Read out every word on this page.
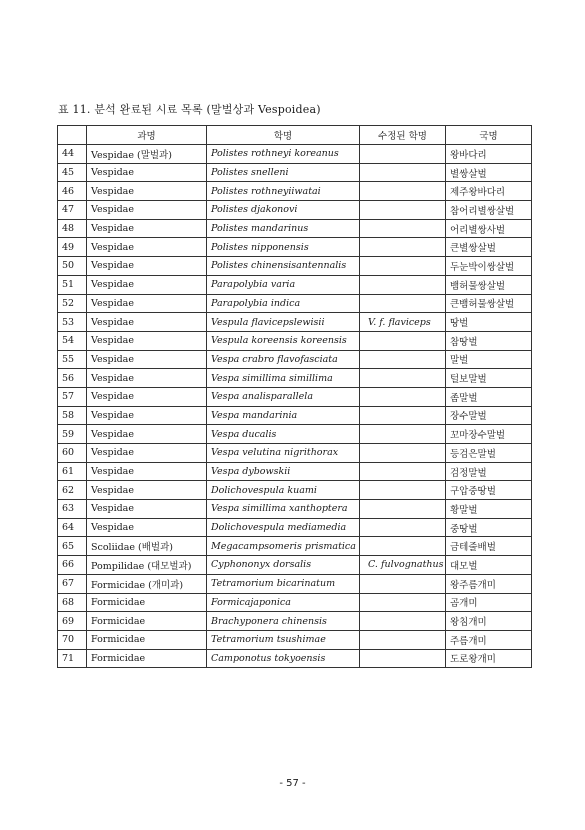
표 11. 분석 완료된 시료 목록 (말벌상과 Vespoidea)
	과명	학명	수정된 학명	국명
44	Vespidae (말벌과)	Polistes rothneyi koreanus		왕바다리
45	Vespidae	Polistes snelleni		별쌍살벌
46	Vespidae	Polistes rothneyiiwatai		제주왕바다리
47	Vespidae	Polistes djakonovi		참어리별쌍살벌
48	Vespidae	Polistes mandarinus		어리별쌍사벌
49	Vespidae	Polistes nipponensis		큰별쌍살벌
50	Vespidae	Polistes chinensisantennalis		두눈박이쌍살벌
51	Vespidae	Parapolybia varia		뱀허물쌍살벌
52	Vespidae	Parapolybia indica		큰뱀허물쌍살벌
53	Vespidae	Vespula flavicepslewisii	V. f. flaviceps	땅벌
54	Vespidae	Vespula koreensis koreensis		참땅벌
55	Vespidae	Vespa crabro flavofasciata		말벌
56	Vespidae	Vespa simillima simillima		털보말벌
57	Vespidae	Vespa analisparallela		좀말벌
58	Vespidae	Vespa mandarinia		장수말벌
59	Vespidae	Vespa ducalis		꼬마장수말벌
60	Vespidae	Vespa velutina nigrithorax		등검은말벌
61	Vespidae	Vespa dybowskii		검정말벌
62	Vespidae	Dolichovespula kuami		구압중땅벌
63	Vespidae	Vespa simillima xanthoptera		황말벌
64	Vespidae	Dolichovespula mediamedia		중땅벌
65	Scoliidae (배벌과)	Megacampsomeris prismatica		금테줄배벌
66	Pompilidae (대모벌과)	Cyphononyx dorsalis	C. fulvognathus	대모벌
67	Formicidae (개미과)	Tetramorium bicarinatum		왕주름개미
68	Formicidae	Formicajaponica		곰개미
69	Formicidae	Brachyponera chinensis		왕침개미
70	Formicidae	Tetramorium tsushimae		주름개미
71	Formicidae	Camponotus tokyoensis		도로왕개미
- 57 -
